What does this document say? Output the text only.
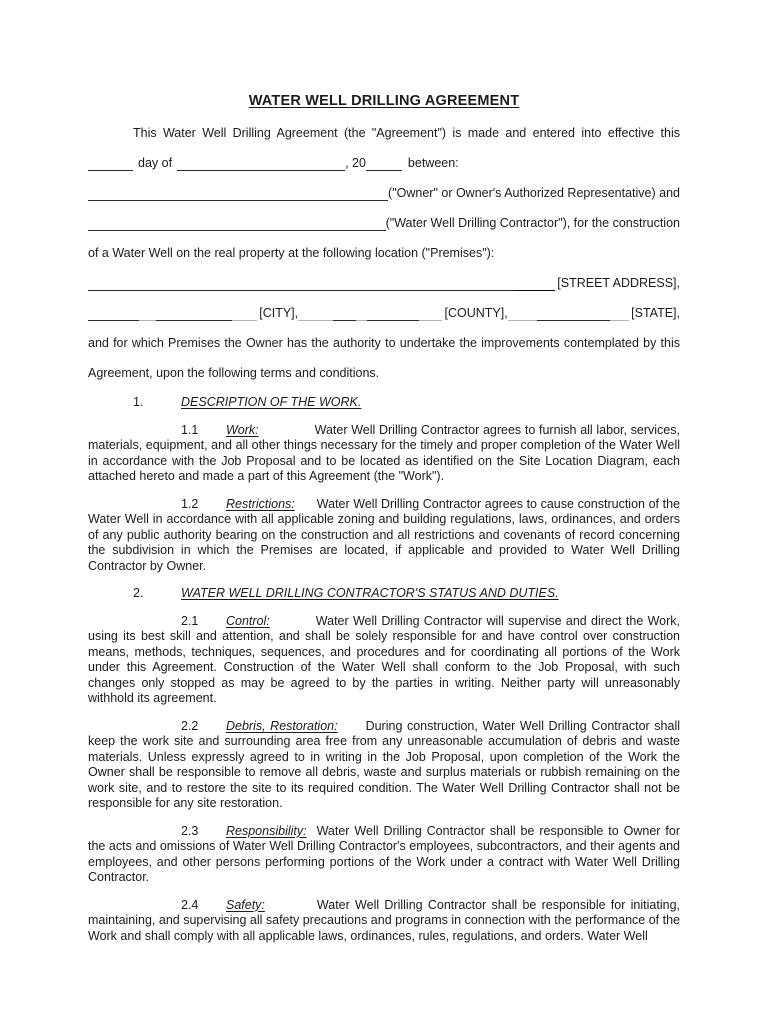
WATER WELL DRILLING AGREEMENT
This Water Well Drilling Agreement (the "Agreement") is made and entered into effective this
day of	, 20	between:
("Owner" or Owner's Authorized Representative) and
("Water Well Drilling Contractor"), for the construction
of a Water Well on the real property at the following location ("Premises"):
[STREET ADDRESS],
[CITY],	[COUNTY],	[STATE],
and for which Premises the Owner has the authority to undertake the improvements contemplated by this
Agreement, upon the following terms and conditions.
1.	DESCRIPTION OF THE WORK.

1.1 Work:	Water Well Drilling Contractor agrees to furnish all labor, services, materials, equipment, and all other things necessary for the timely and proper completion of the Water Well in accordance with the Job Proposal and to be located as identified on the Site Location Diagram, each attached hereto and made a part of this Agreement (the "Work").

1.2 Restrictions: Water Well Drilling Contractor agrees to cause construction of the Water Well in accordance with all applicable zoning and building regulations, laws, ordinances, and orders of any public authority bearing on the construction and all restrictions and covenants of record concerning the subdivision in which the Premises are located, if applicable and provided to Water Well Drilling Contractor by Owner.

2.	WATER WELL DRILLING CONTRACTOR'S STATUS AND DUTIES.

2.1 Control:	Water Well Drilling Contractor will supervise and direct the Work, using its best skill and attention, and shall be solely responsible for and have control over construction means, methods, techniques, sequences, and procedures and for coordinating all portions of the Work under this Agreement. Construction of the Water Well shall conform to the Job Proposal, with such changes only stopped as may be agreed to by the parties in writing. Neither party will unreasonably withhold its agreement.

2.2 Debris, Restoration: During construction, Water Well Drilling Contractor shall keep the work site and surrounding area free from any unreasonable accumulation of debris and waste materials. Unless expressly agreed to in writing in the Job Proposal, upon completion of the Work the Owner shall be responsible to remove all debris, waste and surplus materials or rubbish remaining on the work site, and to restore the site to its required condition. The Water Well Drilling Contractor shall not be responsible for any site restoration.

2.3 Responsibility: Water Well Drilling Contractor shall be responsible to Owner for the acts and omissions of Water Well Drilling Contractor's employees, subcontractors, and their agents and employees, and other persons performing portions of the Work under a contract with Water Well Drilling Contractor.

2.4 Safety:	Water Well Drilling Contractor shall be responsible for initiating, maintaining, and supervising all safety precautions and programs in connection with the performance of the Work and shall comply with all applicable laws, ordinances, rules, regulations, and orders. Water Well
